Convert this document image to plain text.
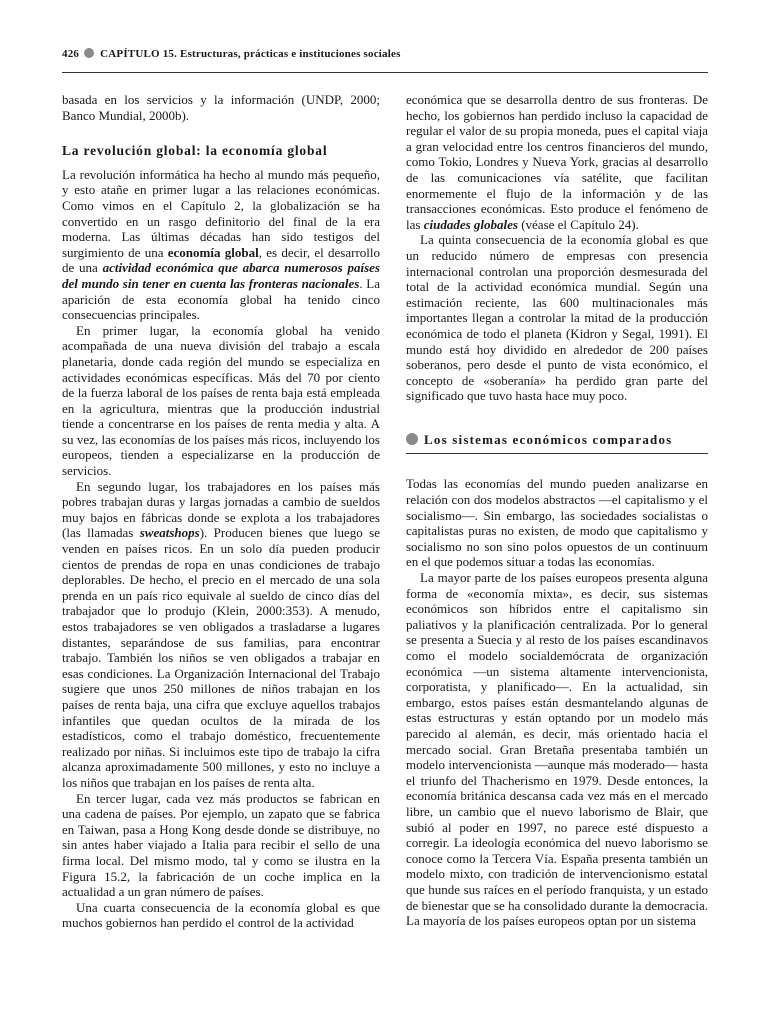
426 CAPÍTULO 15. Estructuras, prácticas e instituciones sociales

basada en los servicios y la información (UNDP, 2000; Banco Mundial, 2000b).

La revolución global: la economía global

La revolución informática ha hecho al mundo más pequeño, y esto atañe en primer lugar a las relaciones económicas. Como vimos en el Capítulo 2, la globalización se ha convertido en un rasgo definitorio del final de la era moderna. Las últimas décadas han sido testigos del surgimiento de una economía global, es decir, el desarrollo de una actividad económica que abarca numerosos países del mundo sin tener en cuenta las fronteras nacionales. La aparición de esta economía global ha tenido cinco consecuencias principales.

En primer lugar, la economía global ha venido acompañada de una nueva división del trabajo a escala planetaria, donde cada región del mundo se especializa en actividades económicas específicas. Más del 70 por ciento de la fuerza laboral de los países de renta baja está empleada en la agricultura, mientras que la producción industrial tiende a concentrarse en los países de renta media y alta. A su vez, las economías de los países más ricos, incluyendo los europeos, tienden a especializarse en la producción de servicios.

En segundo lugar, los trabajadores en los países más pobres trabajan duras y largas jornadas a cambio de sueldos muy bajos en fábricas donde se explota a los trabajadores (las llamadas sweatshops). Producen bienes que luego se venden en países ricos. En un solo día pueden producir cientos de prendas de ropa en unas condiciones de trabajo deplorables. De hecho, el precio en el mercado de una sola prenda en un país rico equivale al sueldo de cinco días del trabajador que lo produjo (Klein, 2000:353). A menudo, estos trabajadores se ven obligados a trasladarse a lugares distantes, separándose de sus familias, para encontrar trabajo. También los niños se ven obligados a trabajar en esas condiciones. La Organización Internacional del Trabajo sugiere que unos 250 millones de niños trabajan en los países de renta baja, una cifra que excluye aquellos trabajos infantiles que quedan ocultos de la mirada de los estadísticos, como el trabajo doméstico, frecuentemente realizado por niñas. Si incluimos este tipo de trabajo la cifra alcanza aproximadamente 500 millones, y esto no incluye a los niños que trabajan en los países de renta alta.

En tercer lugar, cada vez más productos se fabrican en una cadena de países. Por ejemplo, un zapato que se fabrica en Taiwan, pasa a Hong Kong desde donde se distribuye, no sin antes haber viajado a Italia para recibir el sello de una firma local. Del mismo modo, tal y como se ilustra en la Figura 15.2, la fabricación de un coche implica en la actualidad a un gran número de países.

Una cuarta consecuencia de la economía global es que muchos gobiernos han perdido el control de la actividad

económica que se desarrolla dentro de sus fronteras. De hecho, los gobiernos han perdido incluso la capacidad de regular el valor de su propia moneda, pues el capital viaja a gran velocidad entre los centros financieros del mundo, como Tokio, Londres y Nueva York, gracias al desarrollo de las comunicaciones vía satélite, que facilitan enormemente el flujo de la información y de las transacciones económicas. Esto produce el fenómeno de las ciudades globales (véase el Capítulo 24).

La quinta consecuencia de la economía global es que un reducido número de empresas con presencia internacional controlan una proporción desmesurada del total de la actividad económica mundial. Según una estimación reciente, las 600 multinacionales más importantes llegan a controlar la mitad de la producción económica de todo el planeta (Kidron y Segal, 1991). El mundo está hoy dividido en alrededor de 200 países soberanos, pero desde el punto de vista económico, el concepto de «soberanía» ha perdido gran parte del significado que tuvo hasta hace muy poco.

Los sistemas económicos comparados

Todas las economías del mundo pueden analizarse en relación con dos modelos abstractos —el capitalismo y el socialismo—. Sin embargo, las sociedades socialistas o capitalistas puras no existen, de modo que capitalismo y socialismo no son sino polos opuestos de un continuum en el que podemos situar a todas las economías.

La mayor parte de los países europeos presenta alguna forma de «economía mixta», es decir, sus sistemas económicos son híbridos entre el capitalismo sin paliativos y la planificación centralizada. Por lo general se presenta a Suecia y al resto de los países escandinavos como el modelo socialdemócrata de organización económica —un sistema altamente intervencionista, corporatista, y planificado—. En la actualidad, sin embargo, estos países están desmantelando algunas de estas estructuras y están optando por un modelo más parecido al alemán, es decir, más orientado hacia el mercado social. Gran Bretaña presentaba también un modelo intervencionista —aunque más moderado— hasta el triunfo del Thacherismo en 1979. Desde entonces, la economía británica descansa cada vez más en el mercado libre, un cambio que el nuevo laborismo de Blair, que subió al poder en 1997, no parece esté dispuesto a corregir. La ideología económica del nuevo laborismo se conoce como la Tercera Vía. España presenta también un modelo mixto, con tradición de intervencionismo estatal que hunde sus raíces en el período franquista, y un estado de bienestar que se ha consolidado durante la democracia. La mayoría de los países europeos optan por un sistema
